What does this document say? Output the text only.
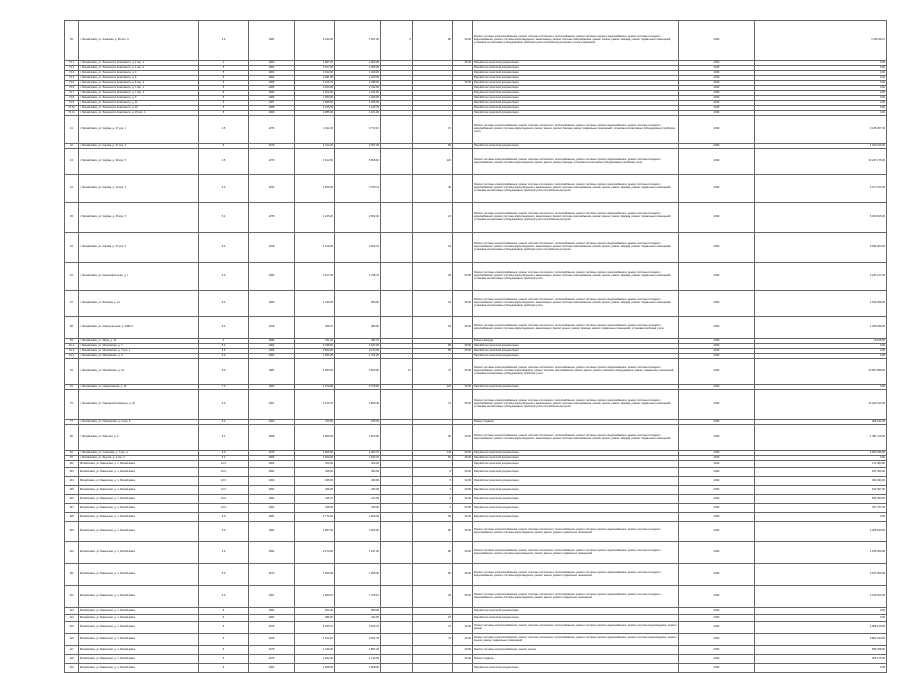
65	г. Михайловка, ул. Азовская, д. 80 кор. А	5.0	1981	2 442.00	1 557.00	5	80	42.00	Ремонт системы электроснабжения, ремонт системы отопления и теплоснабжения, ремонт системы горячего водоснабжения, ремонт системы холодного водоснабжения, ремонт системы водоотведения и канализации, ремонт системы газоснабжения, ремонт крыши, ремонт фасада, ремонт подвальных помещений, установка коллективных (общедомовых) приборов учета потребления ресурсов и узлов управления	2030	1 030 816.4
74.1	г. Михайловка, ул. Ленинского Комсомола, д. 1 кор. 1	1	1960	1 987.10	1 093.00			35.00	Разработка проектной документации	2030	0.00
74.2	г. Михайловка, ул. Ленинского Комсомола, д. 1 кор. 2	5	1962	2 157.00	1 365.00				Разработка проектной документации	2030	0.00
74.3	г. Михайловка, ул. Ленинского Комсомола, д. 3	5	1963	2 190.00	1 409.00				Разработка проектной документации	2030	0.00
74.4	г. Михайловка, ул. Ленинского Комсомола, д. 5	5	1963	1 991.00	1 405.00				Разработка проектной документации	2030	0.00
74.5	г. Михайловка, ул. Ленинского Комсомола, д. 5 кор. 3	5	1965	2 126.70	1 398.00			35.00	Разработка проектной документации	2030	0.00
74.6	г. Михайловка, ул. Ленинского Комсомола, д. 7 кор. 1	5	1965	2 024.00	1 432.00				Разработка проектной документации	2030	0.00
74.7	г. Михайловка, ул. Ленинского Комсомола, д. 7 кор. 2	5	1966	2 222.00	1 441.00				Разработка проектной документации	2030	0.00
74.8	г. Михайловка, ул. Ленинского Комсомола, д. 9	5	1966	1 950.00	1 466.00				Разработка проектной документации	2030	0.00
74.9	г. Михайловка, ул. Ленинского Комсомола, д. 11	5	1967	2 095.00	1 395.00				Разработка проектной документации	2030	0.00
74.10	г. Михайловка, ул. Ленинского Комсомола, д. 15	5	1968	2 246.00	1 445.70				Разработка проектной документации	2030	0.00
74.11	г. Михайловка, ул. Ленинского Комсомола, д. 15 кор. 1	5	1969	2 385.00	1 401.00				Разработка проектной документации	2030	0.00
41	г. Михайловка, ул. Кирова, д. 27 кор. 1	4.5	1976	1 911.00	3 772.10		72		Ремонт системы электроснабжения, ремонт системы отопления и теплоснабжения, ремонт системы горячего водоснабжения, ремонт системы холодного водоснабжения, ремонт системы водоотведения, ремонт крыши, ремонт фасада, ремонт подвальных помещений, установка коллективных (общедомовых) приборов учета	2030	3 135 487.00
42	г. Михайловка, ул. Кирова, д. 27 кор. 2	5	1976	4 412.25	3 457.00		80		Разработка проектной документации	2030	4 010 706.00
43	г. Михайловка, ул. Кирова, д. 30 кор. 5	4.5	1970	2 614.50	5 595.60		120		Ремонт системы электроснабжения, ремонт системы отопления и теплоснабжения, ремонт системы горячего водоснабжения, ремонт системы холодного водоснабжения, ремонт системы водоотведения, ремонт крыши, ремонт фасада, установка коллективных (общедомовых) приборов учета	2030	10 247 175.00
44	г. Михайловка, ул. Кирова, д. 32 кор. 1	5.2	1974	2 559.40	2 575.11		40		Ремонт системы электроснабжения, ремонт системы отопления и теплоснабжения, ремонт системы горячего водоснабжения, ремонт системы холодного водоснабжения, ремонт системы водоотведения и канализации, ремонт системы газоснабжения, ремонт крыши, ремонт фасада, ремонт подвальных помещений, установка коллективных (общедомовых) приборов учета потребления ресурсов	2030	5 077 102.00
45	г. Михайловка, ул. Кирова, д. 45 кор. 6	5.2	1978	4 245.20	2 502.40		24		Ремонт системы электроснабжения, ремонт системы отопления и теплоснабжения, ремонт системы горячего водоснабжения, ремонт системы холодного водоснабжения, ремонт системы водоотведения и канализации, ремонт системы газоснабжения, ремонт крыши, ремонт фасада, ремонт подвальных помещений, установка коллективных (общедомовых) приборов учета потребления ресурсов	2030	5 450 815.00
46	г. Михайловка, ул. Кирова, д. 47 кор. 6	5.2	1978	4 376.00	2 502.70		24		Ремонт системы электроснабжения, ремонт системы отопления и теплоснабжения, ремонт системы горячего водоснабжения, ремонт системы холодного водоснабжения, ремонт системы водоотведения и канализации, ремонт системы газоснабжения, ремонт крыши, ремонт фасада, ремонт подвальных помещений, установка коллективных (общедомовых) приборов учета потребления ресурсов	2030	5 494 303.00
51	г. Михайловка, ул. Краснофлотская, д. 7	5.0	1966	2 617.00	1 795.70		25	30.00	Ремонт системы электроснабжения, ремонт системы отопления и теплоснабжения, ремонт системы горячего водоснабжения, ремонт системы холодного водоснабжения, ремонт системы водоотведения и канализации, ремонт системы газоснабжения, ремонт крыши, ремонт фасада, ремонт подвальных помещений, установка коллективных (общедомовых) приборов учета	2030	2 231 107.00
57	г. Михайловка, ул. Блинова, д. 11	5.2	1966	1 790.00	950.00		24	35.00	Ремонт системы электроснабжения, ремонт системы отопления и теплоснабжения, ремонт системы горячего водоснабжения, ремонт системы холодного водоснабжения, ремонт системы водоотведения и канализации, ремонт системы газоснабжения, ремонт крыши, ремонт фасада, ремонт подвальных помещений, установка коллективных (общедомовых) приборов учета	2030	2 193 258.00
58	г. Михайловка, ул. Коммунальная, д. 1080 А	5.2	1976	365.67	380.00		18	35.00	Ремонт системы электроснабжения, ремонт системы отопления и теплоснабжения, ремонт системы горячего водоснабжения, ремонт системы холодного водоснабжения, ремонт системы водоотведения и канализации, ремонт крыши, ремонт фасада, ремонт подвальных помещений, установка приборов учета	2030	1 459 496.00
59	г. Михайловка, ул. Мира, д. 41	2	1955	241.20	452.70				Ремонт фасада	2030	70 518.00
61.1	г. Михайловка, ул. Московская, д. 7	5.0	1962	4 038.00	2 627.00		80	35.00	Разработка проектной документации	2030	0.00
61.2	г. Михайловка, ул. Московская, д. 7 кор. 1	4.5	1963	3 802.00	2 474.00		80	35.00	Разработка проектной документации	2030	0.00
61.3	г. Михайловка, ул. Московская, д. 9	5.0	1963	1 934.00	1 701.00				Разработка проектной документации	2030	0.00
62	г. Михайловка, ул. Московская, д. 12	9.0	1987	4 484.00	2 653.00	12	47	25.00	Ремонт системы электроснабжения, ремонт системы отопления и теплоснабжения, ремонт системы горячего водоснабжения, ремонт системы холодного водоснабжения, ремонт системы водоотведения, ремонт системы газоснабжения, ремонт крыши, ремонт лифтового оборудования, ремонт подвальных помещений, установка коллективных (общедомовых) приборов учета	2030	10 567 998.00
63	г. Михайловка, ул. Некрасовская, д. 40	7.0	1963	4 159.80	2 709.90		120	35.00	Разработка проектной документации	2030	0.00
75	г. Михайловка, ул. Парижской Коммуны, д. 44	5.0	1967	4 133.70	2 890.40		72	35.00	Ремонт системы электроснабжения, ремонт системы отопления и теплоснабжения, ремонт системы горячего водоснабжения, ремонт системы холодного водоснабжения, ремонт системы водоотведения и канализации, ремонт системы газоснабжения, ремонт крыши, ремонт фасада, ремонт подвальных помещений, установка коллективных (общедомовых) приборов учета потребления ресурсов	2030	12 222 314.00
77	г. Михайловка, ул. Пионерская, д. 4 кор. 5	5.2	1960	700.00	875.30				Ремонт подвала	2030	286 191.00
80	г. Михайловка, ул. Рабочая, д. 2	5.2	1958	2 569.00	2 920.00		36	40.00	Ремонт системы электроснабжения, ремонт системы отопления и теплоснабжения, ремонт системы горячего водоснабжения, ремонт системы холодного водоснабжения, ремонт системы водоотведения и канализации, ремонт системы газоснабжения, ремонт крыши, ремонт фасада, ремонт подвальных помещений	2030	1 951 116.00
81	г. Михайловка, ул. Сазонова, д. 7 кор. А	5.0	1975	1 805.50	4 364.70		144	25.00	Разработка проектной документации	2030	3 600 786.00
87	г. Михайловка, ул. Фрунзе, д. 2 кор. 2	5.0	1963	1 820.00	1 294.20		50	35.00	Разработка проектной документации	2030	0.00
102	Михайловка, ул. Бакинская, д. 1, Михайловка	12.0	1962	320.00	320.00				Разработка проектной документации	2030	173 483.00
103	Михайловка, ул. Бакинская, д. 1, Михайловка	12.0	1962	425.00	350.00		8	30.00	Разработка проектной документации	2030	547 322.00
104	Михайловка, ул. Бакинская, д. 1, Михайловка	12.0	1962	295.00	300.00		8	30.00	Разработка проектной документации	2030	452 394.00
105	Михайловка, ул. Бакинская, д. 1, Михайловка	12.0	1962	406.00	425.00		4	30.00	Разработка проектной документации	2030	542 537.00
106	Михайловка, ул. Бакинская, д. 1, Михайловка	12.0	1962	416.70	371.00		4	30.00	Разработка проектной документации	2030	566 459.00
107	Михайловка, ул. Бакинская, д. 1, Михайловка	12.0	1962	345.00	325.00		4	30.00	Разработка проектной документации	2030	337 077.00
108	Михайловка, ул. Бакинская, д. 1, Михайловка	5.0	1962	4 773.00	1 900.00		80	35.00	Разработка проектной документации	2030	0.00
109	Михайловка, ул. Бакинская, д. 1, Михайловка	5.0	1962	2 087.00	1 900.00		80	35.00	Ремонт системы электроснабжения, ремонт системы отопления и теплоснабжения, ремонт системы горячего водоснабжения, ремонт системы холодного водоснабжения, ремонт системы водоотведения, ремонт крыши, ремонт подвальных помещений	2030	2 365 020.00
110	Михайловка, ул. Бакинская, д. 1, Михайловка	5.0	1962	2 273.00	1 637.00		80	35.00	Ремонт системы электроснабжения, ремонт системы отопления и теплоснабжения, ремонт системы горячего водоснабжения, ремонт системы холодного водоснабжения, ремонт системы водоотведения, ремонт крыши, ремонт подвальных помещений	2030	1 150 059.00
111	Михайловка, ул. Бакинская, д. 1, Михайловка	5.0	1970	1 800.00	1 990.00		80	35.00	Ремонт системы электроснабжения, ремонт системы отопления и теплоснабжения, ремонт системы горячего водоснабжения, ремонт системы холодного водоснабжения, ремонт системы водоотведения, ремонт крыши, ремонт подвальных помещений	2030	2 157 050.00
112	Михайловка, ул. Бакинская, д. 1, Михайловка	5.0	1967	1 980.10	1 765.10		20	35.00	Ремонт системы электроснабжения, ремонт системы отопления и теплоснабжения, ремонт системы горячего водоснабжения, ремонт системы холодного водоснабжения, ремонт системы водоотведения, ремонт крыши, ремонт подвальных помещений	2030	1 129 183.00
113	Михайловка, ул. Бакинская, д. 1, Михайловка	5	1962	814.00	580.00				Разработка проектной документации	2030	0.00
114	Михайловка, ул. Бакинская, д. 1, Михайловка	5	1963	480.00	342.50		18		Разработка проектной документации	2030	0.00
115	Михайловка, ул. Бакинская, д. 1, Михайловка	5	1975	6 495.70	2 942.70		72	40.00	Ремонт системы электроснабжения, ремонт системы отопления и теплоснабжения, ремонт системы горячего водоснабжения, ремонт системы водоотведения, ремонт крыши	2030	4 086 219.00
116	Михайловка, ул. Бакинская, д. 1, Михайловка	5	1975	4 154.10	2 661.70		72	40.00	Ремонт системы электроснабжения, ремонт системы отопления и теплоснабжения, ремонт системы горячего водоснабжения, ремонт системы водоотведения, ремонт крыши, ремонт подвальных помещений	2030	3 851 343.00
117	Михайловка, ул. Бакинская, д. 1, Михайловка	5	1975	1 430.00	1 887.40			40.00	Ремонт системы электроснабжения, ремонт крыши	2030	659 758.00
118	Михайловка, ул. Бакинская, д. 1, Михайловка	5	1976	2 392.40	1 736.00			25.00	Ремонт подвала	2030	308 175.00
119	Михайловка, ул. Бакинская, д. 1, Михайловка	5	1963	1 808.00	1 808.00				Разработка проектной документации	2030	0.00
